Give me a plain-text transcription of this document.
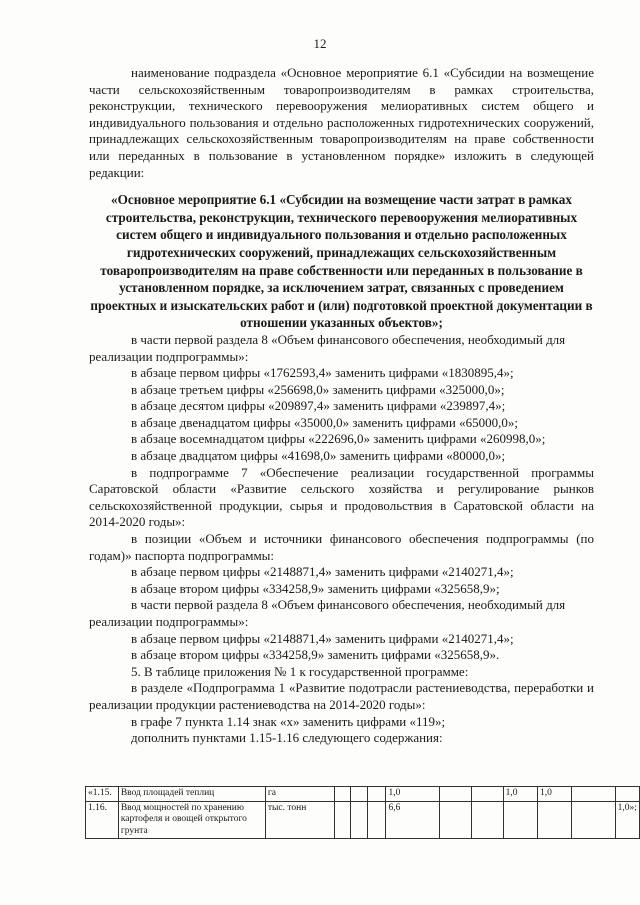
12

наименование подраздела «Основное мероприятие 6.1 «Субсидии на возмещение части сельскохозяйственным товаропроизводителям в рамках строительства, реконструкции, технического перевооружения мелиоративных систем общего и индивидуального пользования и отдельно расположенных гидротехнических сооружений, принадлежащих сельскохозяйственным товаропроизводителям на праве собственности или переданных в пользование в установленном порядке» изложить в следующей редакции:

«Основное мероприятие 6.1 «Субсидии на возмещение части затрат в рамках строительства, реконструкции, технического перевооружения мелиоративных систем общего и индивидуального пользования и отдельно расположенных гидротехнических сооружений, принадлежащих сельскохозяйственным товаропроизводителям на праве собственности или переданных в пользование в установленном порядке, за исключением затрат, связанных с проведением проектных и изыскательских работ и (или) подготовкой проектной документации в отношении указанных объектов»;

в части первой раздела 8 «Объем финансового обеспечения, необходимый для реализации подпрограммы»:

в абзаце первом цифры «1762593,4» заменить цифрами «1830895,4»;

в абзаце третьем цифры «256698,0» заменить цифрами «325000,0»;

в абзаце десятом цифры «209897,4» заменить цифрами «239897,4»;

в абзаце двенадцатом цифры «35000,0» заменить цифрами «65000,0»;

в абзаце восемнадцатом цифры «222696,0» заменить цифрами «260998,0»;

в абзаце двадцатом цифры «41698,0» заменить цифрами «80000,0»;

в подпрограмме 7 «Обеспечение реализации государственной программы Саратовской области «Развитие сельского хозяйства и регулирование рынков сельскохозяйственной продукции, сырья и продовольствия в Саратовской области на 2014-2020 годы»:

в позиции «Объем и источники финансового обеспечения подпрограммы (по годам)» паспорта подпрограммы:

в абзаце первом цифры «2148871,4» заменить цифрами «2140271,4»;

в абзаце втором цифры «334258,9» заменить цифрами «325658,9»;

в части первой раздела 8 «Объем финансового обеспечения, необходимый для реализации подпрограммы»:

в абзаце первом цифры «2148871,4» заменить цифрами «2140271,4»;

в абзаце втором цифры «334258,9» заменить цифрами «325658,9».

5. В таблице приложения № 1 к государственной программе:

в разделе «Подпрограмма 1 «Развитие подотрасли растениеводства, переработки и реализации продукции растениеводства на 2014-2020 годы»:

в графе 7 пункта 1.14 знак «х» заменить цифрами «119»;

дополнить пунктами 1.15-1.16 следующего содержания:

«1.15.	Ввод площадей теплиц	га				1,0			1,0	1,0		
1.16.	Ввод мощностей по хранению картофеля и овощей открытого грунта	тыс. тонн				6,6						1,0»;
